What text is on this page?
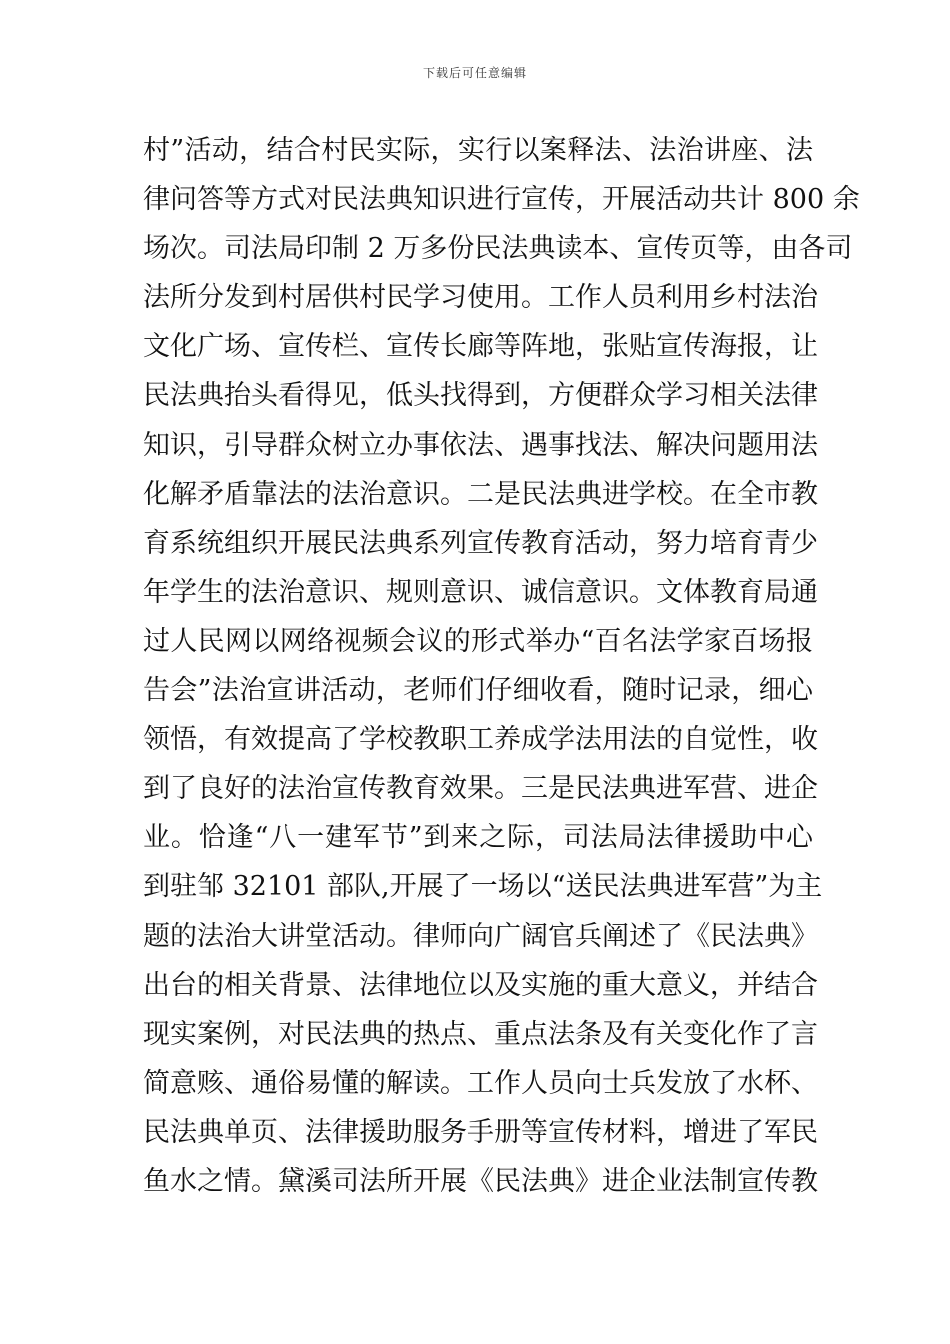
下载后可任意编辑
村”活动，结合村民实际，实行以案释法、法治讲座、法
律问答等方式对民法典知识进行宣传，开展活动共计 800 余
场次。司法局印制 2 万多份民法典读本、宣传页等，由各司
法所分发到村居供村民学习使用。工作人员利用乡村法治
文化广场、宣传栏、宣传长廊等阵地，张贴宣传海报，让
民法典抬头看得见，低头找得到，方便群众学习相关法律
知识，引导群众树立办事依法、遇事找法、解决问题用法
化解矛盾靠法的法治意识。二是民法典进学校。在全市教
育系统组织开展民法典系列宣传教育活动，努力培育青少
年学生的法治意识、规则意识、诚信意识。文体教育局通
过人民网以网络视频会议的形式举办“百名法学家百场报
告会”法治宣讲活动，老师们仔细收看，随时记录，细心
领悟，有效提高了学校教职工养成学法用法的自觉性，收
到了良好的法治宣传教育效果。三是民法典进军营、进企
业。恰逢“八一建军节”到来之际，司法局法律援助中心
到驻邹 32101 部队,开展了一场以“送民法典进军营”为主
题的法治大讲堂活动。律师向广阔官兵阐述了《民法典》
出台的相关背景、法律地位以及实施的重大意义，并结合
现实案例，对民法典的热点、重点法条及有关变化作了言
简意赅、通俗易懂的解读。工作人员向士兵发放了水杯、
民法典单页、法律援助服务手册等宣传材料，增进了军民
鱼水之情。黛溪司法所开展《民法典》进企业法制宣传教
